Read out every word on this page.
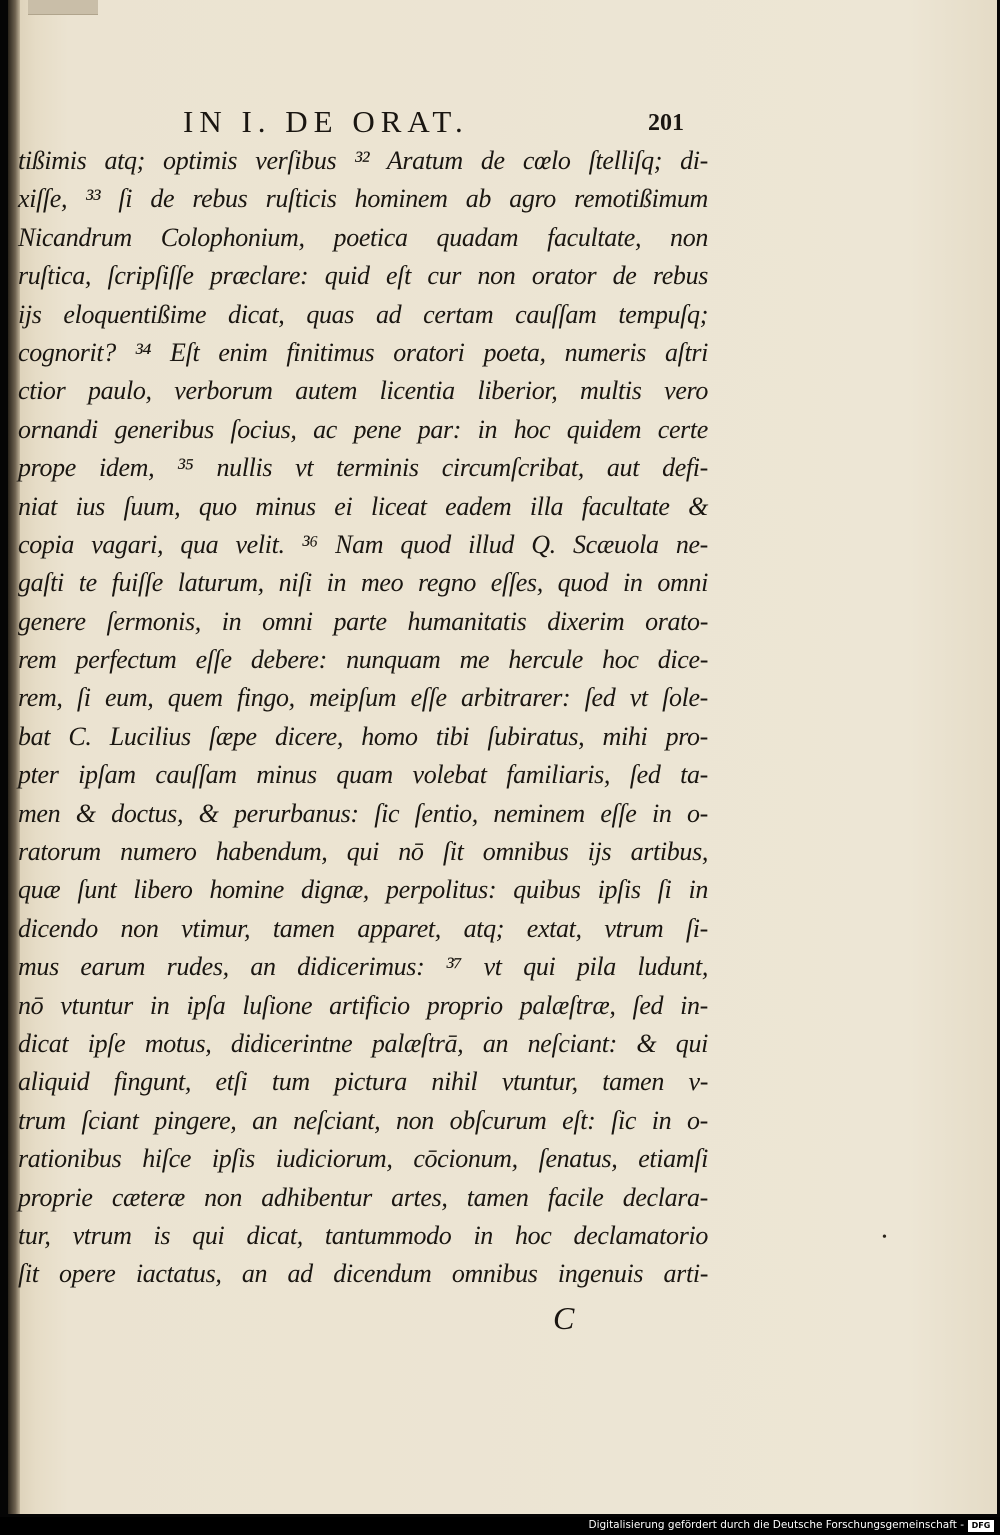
IN I. DE ORAT.	201
tißimis atq; optimis verſibus ³² Aratum de cœlo ſtelliſq; di-
xiſſe, ³³ ſi de rebus ruſticis hominem ab agro remotißimum
Nicandrum Colophonium, poetica quadam facultate, non
ruſtica, ſcripſiſſe præclare: quid eſt cur non orator de rebus
ijs eloquentißime dicat, quas ad certam cauſſam tempuſq;
cognorit? ³⁴ Eſt enim finitimus oratori poeta, numeris aſtri
ctior paulo, verborum autem licentia liberior, multis vero
ornandi generibus ſocius, ac pene par: in hoc quidem certe
prope idem, ³⁵ nullis vt terminis circumſcribat, aut defi-
niat ius ſuum, quo minus ei liceat eadem illa facultate &
copia vagari, qua velit. ³⁶ Nam quod illud Q. Scæuola ne-
gaſti te fuiſſe laturum, niſi in meo regno eſſes, quod in omni
genere ſermonis, in omni parte humanitatis dixerim orato-
rem perfectum eſſe debere: nunquam me hercule hoc dice-
rem, ſi eum, quem fingo, meipſum eſſe arbitrarer: ſed vt ſole-
bat C. Lucilius ſæpe dicere, homo tibi ſubiratus, mihi pro-
pter ipſam cauſſam minus quam volebat familiaris, ſed ta-
men & doctus, & perurbanus: ſic ſentio, neminem eſſe in o-
ratorum numero habendum, qui nō ſit omnibus ijs artibus,
quæ ſunt libero homine dignæ, perpolitus: quibus ipſis ſi in
dicendo non vtimur, tamen apparet, atq; extat, vtrum ſi-
mus earum rudes, an didicerimus: ³⁷ vt qui pila ludunt,
nō vtuntur in ipſa luſione artificio proprio palæſtræ, ſed in-
dicat ipſe motus, didicerintne palæſtrā, an neſciant: & qui
aliquid fingunt, etſi tum pictura nihil vtuntur, tamen v-
trum ſciant pingere, an neſciant, non obſcurum eſt: ſic in o-
rationibus hiſce ipſis iudiciorum, cōcionum, ſenatus, etiamſi
proprie cæteræ non adhibentur artes, tamen facile declara-
tur, vtrum is qui dicat, tantummodo in hoc declamatorio
ſit opere iactatus, an ad dicendum omnibus ingenuis arti-
C
•
Digitalisierung gefördert durch die Deutsche Forschungsgemeinschaft - DFG
